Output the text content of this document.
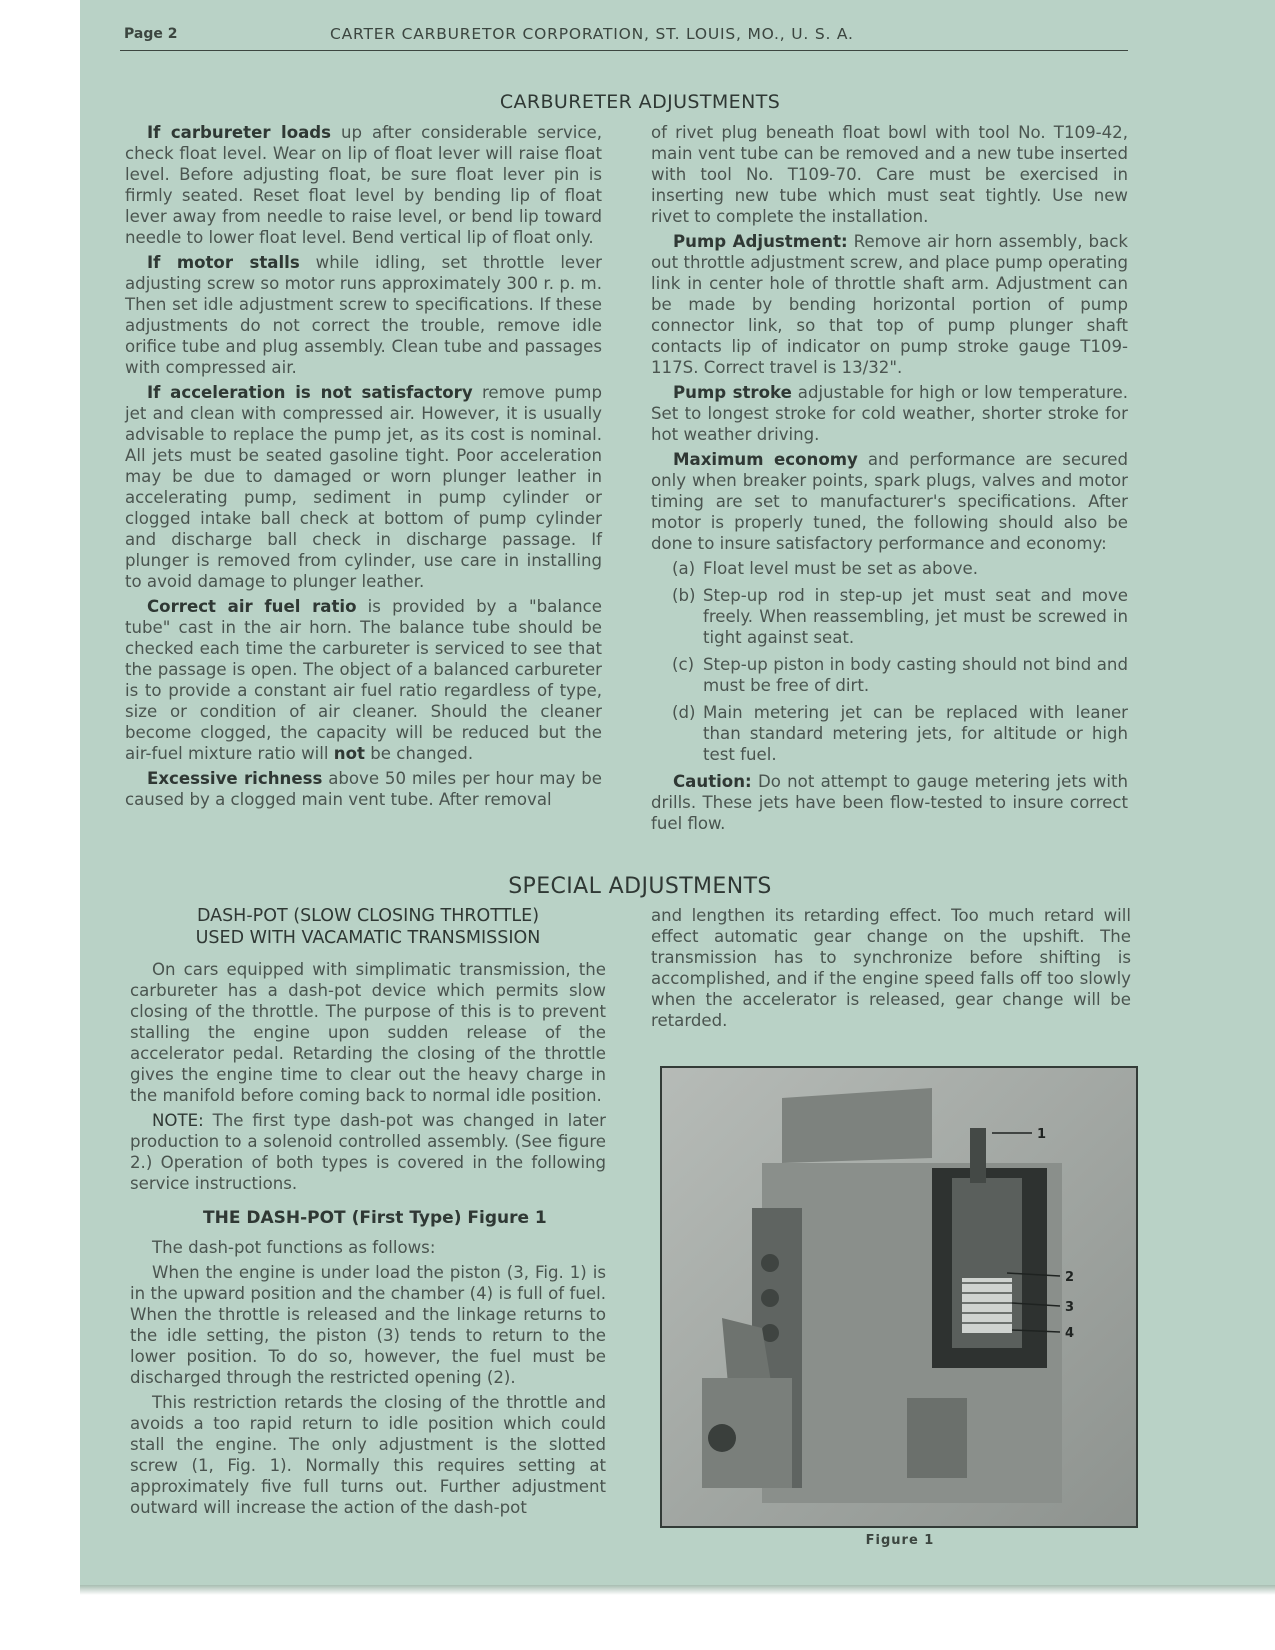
Page 2	CARTER CARBURETOR CORPORATION, ST. LOUIS, MO., U. S. A.
CARBURETER ADJUSTMENTS

If carbureter loads up after considerable service, check float level. Wear on lip of float lever will raise float level. Before adjusting float, be sure float lever pin is firmly seated. Reset float level by bending lip of float lever away from needle to raise level, or bend lip toward needle to lower float level. Bend vertical lip of float only.

If motor stalls while idling, set throttle lever adjusting screw so motor runs approximately 300 r. p. m. Then set idle adjustment screw to specifications. If these adjustments do not correct the trouble, remove idle orifice tube and plug assembly. Clean tube and passages with compressed air.

If acceleration is not satisfactory remove pump jet and clean with compressed air. However, it is usually advisable to replace the pump jet, as its cost is nominal. All jets must be seated gasoline tight. Poor acceleration may be due to damaged or worn plunger leather in accelerating pump, sediment in pump cylinder or clogged intake ball check at bottom of pump cylinder and discharge ball check in discharge passage. If plunger is removed from cylinder, use care in installing to avoid damage to plunger leather.

Correct air fuel ratio is provided by a "balance tube" cast in the air horn. The balance tube should be checked each time the carbureter is serviced to see that the passage is open. The object of a balanced carbureter is to provide a constant air fuel ratio regardless of type, size or condition of air cleaner. Should the cleaner become clogged, the capacity will be reduced but the air-fuel mixture ratio will not be changed.

Excessive richness above 50 miles per hour may be caused by a clogged main vent tube. After removal

of rivet plug beneath float bowl with tool No. T109-42, main vent tube can be removed and a new tube inserted with tool No. T109-70. Care must be exercised in inserting new tube which must seat tightly. Use new rivet to complete the installation.

Pump Adjustment: Remove air horn assembly, back out throttle adjustment screw, and place pump operating link in center hole of throttle shaft arm. Adjustment can be made by bending horizontal portion of pump connector link, so that top of pump plunger shaft contacts lip of indicator on pump stroke gauge T109-117S. Correct travel is 13/32".

Pump stroke adjustable for high or low temperature. Set to longest stroke for cold weather, shorter stroke for hot weather driving.

Maximum economy and performance are secured only when breaker points, spark plugs, valves and motor timing are set to manufacturer's specifications. After motor is properly tuned, the following should also be done to insure satisfactory performance and economy:

(a) Float level must be set as above.

(b) Step-up rod in step-up jet must seat and move freely. When reassembling, jet must be screwed in tight against seat.

(c) Step-up piston in body casting should not bind and must be free of dirt.

(d) Main metering jet can be replaced with leaner than standard metering jets, for altitude or high test fuel.

Caution: Do not attempt to gauge metering jets with drills. These jets have been flow-tested to insure correct fuel flow.

SPECIAL ADJUSTMENTS

DASH-POT (SLOW CLOSING THROTTLE)
USED WITH VACAMATIC TRANSMISSION

On cars equipped with simplimatic transmission, the carbureter has a dash-pot device which permits slow closing of the throttle. The purpose of this is to prevent stalling the engine upon sudden release of the accelerator pedal. Retarding the closing of the throttle gives the engine time to clear out the heavy charge in the manifold before coming back to normal idle position.

NOTE: The first type dash-pot was changed in later production to a solenoid controlled assembly. (See figure 2.) Operation of both types is covered in the following service instructions.

THE DASH-POT (First Type) Figure 1

The dash-pot functions as follows:

When the engine is under load the piston (3, Fig. 1) is in the upward position and the chamber (4) is full of fuel. When the throttle is released and the linkage returns to the idle setting, the piston (3) tends to return to the lower position. To do so, however, the fuel must be discharged through the restricted opening (2).

This restriction retards the closing of the throttle and avoids a too rapid return to idle position which could stall the engine. The only adjustment is the slotted screw (1, Fig. 1). Normally this requires setting at approximately five full turns out. Further adjustment outward will increase the action of the dash-pot

and lengthen its retarding effect. Too much retard will effect automatic gear change on the upshift. The transmission has to synchronize before shifting is accomplished, and if the engine speed falls off too slowly when the accelerator is released, gear change will be retarded.

1
2
3
4
Figure 1
